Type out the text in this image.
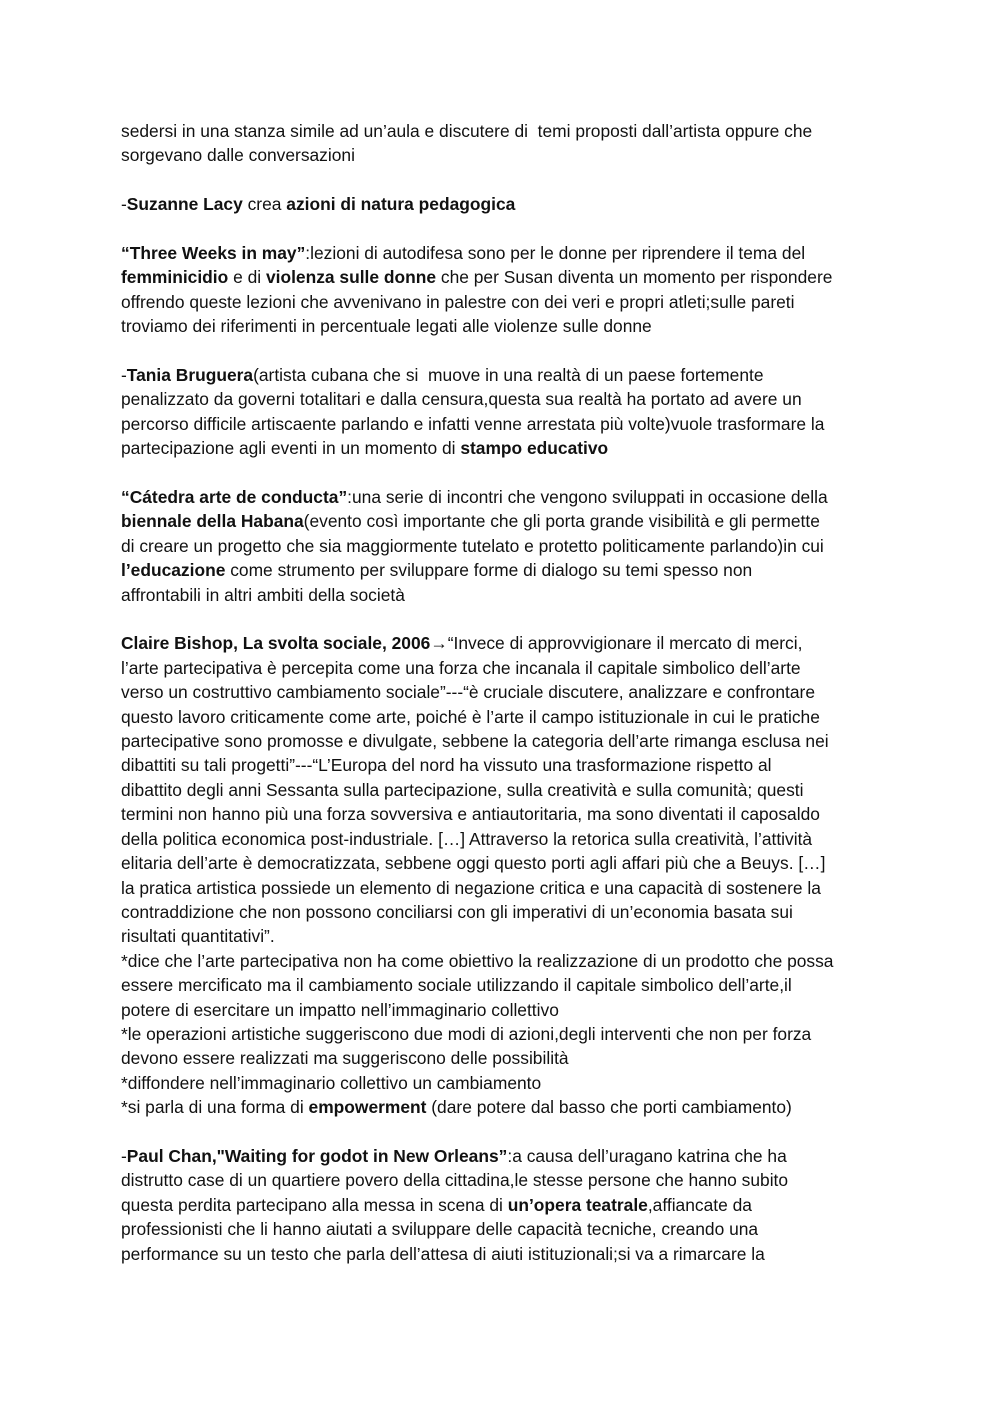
sedersi in una stanza simile ad un’aula e discutere di  temi proposti dall’artista oppure che
sorgevano dalle conversazioni
-Suzanne Lacy crea azioni di natura pedagogica
“Three Weeks in may”:lezioni di autodifesa sono per le donne per riprendere il tema del
femminicidio e di violenza sulle donne che per Susan diventa un momento per rispondere
offrendo queste lezioni che avvenivano in palestre con dei veri e propri atleti;sulle pareti
troviamo dei riferimenti in percentuale legati alle violenze sulle donne
-Tania Bruguera(artista cubana che si  muove in una realtà di un paese fortemente
penalizzato da governi totalitari e dalla censura,questa sua realtà ha portato ad avere un
percorso difficile artiscaente parlando e infatti venne arrestata più volte)vuole trasformare la
partecipazione agli eventi in un momento di stampo educativo
“Cátedra arte de conducta”:una serie di incontri che vengono sviluppati in occasione della
biennale della Habana(evento così importante che gli porta grande visibilità e gli permette
di creare un progetto che sia maggiormente tutelato e protetto politicamente parlando)in cui
l’educazione come strumento per sviluppare forme di dialogo su temi spesso non
affrontabili in altri ambiti della società
Claire Bishop, La svolta sociale, 2006→“Invece di approvvigionare il mercato di merci,
l’arte partecipativa è percepita come una forza che incanala il capitale simbolico dell’arte
verso un costruttivo cambiamento sociale”---“è cruciale discutere, analizzare e confrontare
questo lavoro criticamente come arte, poiché è l’arte il campo istituzionale in cui le pratiche
partecipative sono promosse e divulgate, sebbene la categoria dell’arte rimanga esclusa nei
dibattiti su tali progetti”---“L’Europa del nord ha vissuto una trasformazione rispetto al
dibattito degli anni Sessanta sulla partecipazione, sulla creatività e sulla comunità; questi
termini non hanno più una forza sovversiva e antiautoritaria, ma sono diventati il caposaldo
della politica economica post-industriale. […] Attraverso la retorica sulla creatività, l’attività
elitaria dell’arte è democratizzata, sebbene oggi questo porti agli affari più che a Beuys. […]
la pratica artistica possiede un elemento di negazione critica e una capacità di sostenere la
contraddizione che non possono conciliarsi con gli imperativi di un’economia basata sui
risultati quantitativi”.
*dice che l’arte partecipativa non ha come obiettivo la realizzazione di un prodotto che possa
essere mercificato ma il cambiamento sociale utilizzando il capitale simbolico dell’arte,il
potere di esercitare un impatto nell’immaginario collettivo
*le operazioni artistiche suggeriscono due modi di azioni,degli interventi che non per forza
devono essere realizzati ma suggeriscono delle possibilità
*diffondere nell’immaginario collettivo un cambiamento
*si parla di una forma di empowerment (dare potere dal basso che porti cambiamento)
-Paul Chan,"Waiting for godot in New Orleans”:a causa dell’uragano katrina che ha
distrutto case di un quartiere povero della cittadina,le stesse persone che hanno subito
questa perdita partecipano alla messa in scena di un’opera teatrale,affiancate da
professionisti che li hanno aiutati a sviluppare delle capacità tecniche, creando una
performance su un testo che parla dell’attesa di aiuti istituzionali;si va a rimarcare la
